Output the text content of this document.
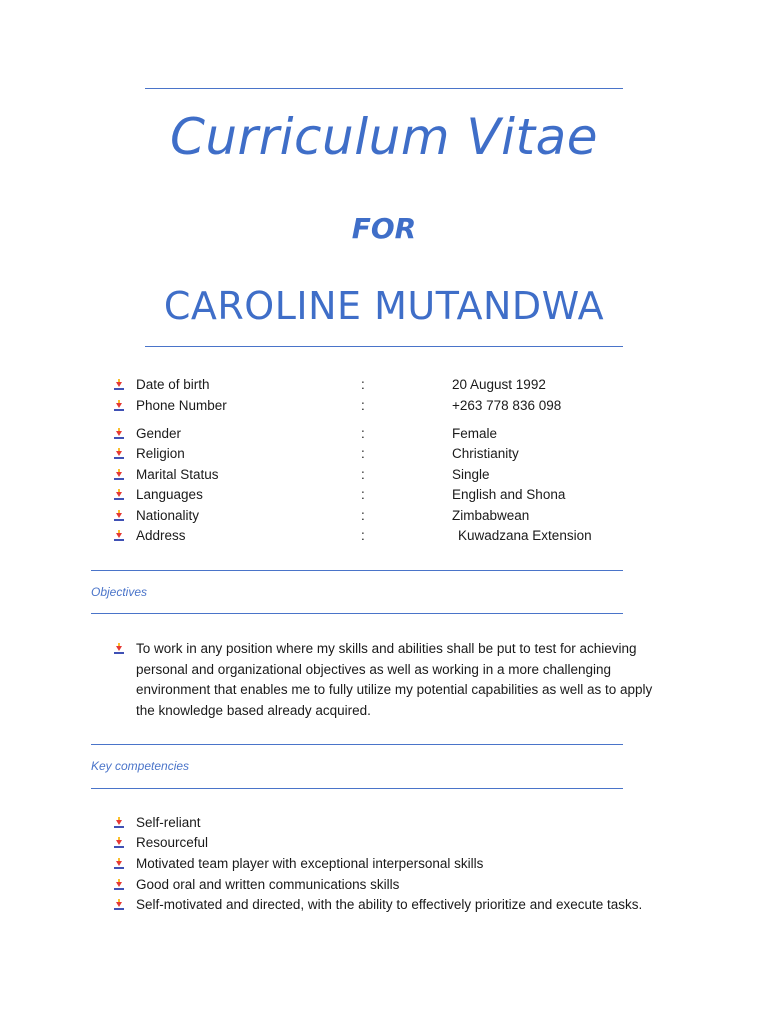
Curriculum Vitae
FOR
CAROLINE MUTANDWA
Date of birth	:	20 August 1992
Phone Number	:	+263 778 836 098
Gender	:	Female
Religion	:	Christianity
Marital Status	:	Single
Languages	:	English and Shona
Nationality	:	Zimbabwean
Address	:	Kuwadzana Extension
Objectives
To work in any position where my skills and abilities shall be put to test for achieving
personal and organizational objectives as well as working in a more challenging
environment that enables me to fully utilize my potential capabilities as well as to apply
the knowledge based already acquired.
Key competencies
Self-reliant
Resourceful
Motivated team player with exceptional interpersonal skills
Good oral and written communications skills
Self-motivated and directed, with the ability to effectively prioritize and execute tasks.
